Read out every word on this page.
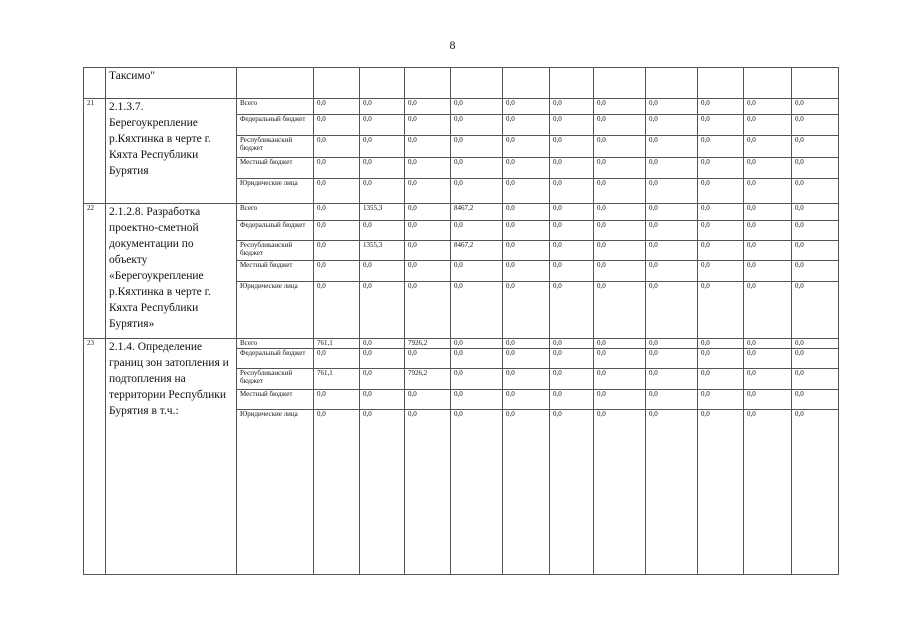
8
	Таксимо"												
21	2.1.3.7. Берегоукрепление р.Кяхтинка в черте г. Кяхта Республики Бурятия	Всего	0,0	0,0	0,0	0,0	0,0	0,0	0,0	0,0	0,0	0,0	0,0
		Федеральный бюджет	0,0	0,0	0,0	0,0	0,0	0,0	0,0	0,0	0,0	0,0	0,0
		Республиканский бюджет	0,0	0,0	0,0	0,0	0,0	0,0	0,0	0,0	0,0	0,0	0,0
		Местный бюджет	0,0	0,0	0,0	0,0	0,0	0,0	0,0	0,0	0,0	0,0	0,0
		Юридические лица	0,0	0,0	0,0	0,0	0,0	0,0	0,0	0,0	0,0	0,0	0,0
22	2.1.2.8. Разработка проектно-сметной документации по объекту «Берегоукрепление р.Кяхтинка в черте г. Кяхта Республики Бурятия»	Всего	0,0	1355,3	0,0	8467,2	0,0	0,0	0,0	0,0	0,0	0,0	0,0
		Федеральный бюджет	0,0	0,0	0,0	0,0	0,0	0,0	0,0	0,0	0,0	0,0	0,0
		Республиканский бюджет	0,0	1355,3	0,0	8467,2	0,0	0,0	0,0	0,0	0,0	0,0	0,0
		Местный бюджет	0,0	0,0	0,0	0,0	0,0	0,0	0,0	0,0	0,0	0,0	0,0
		Юридические лица	0,0	0,0	0,0	0,0	0,0	0,0	0,0	0,0	0,0	0,0	0,0
23	2.1.4. Определение границ зон затопления и подтопления на территории Республики Бурятия в т.ч.:	Всего	761,1	0,0	7926,2	0,0	0,0	0,0	0,0	0,0	0,0	0,0	0,0
		Федеральный бюджет	0,0	0,0	0,0	0,0	0,0	0,0	0,0	0,0	0,0	0,0	0,0
		Республиканский бюджет	761,1	0,0	7926,2	0,0	0,0	0,0	0,0	0,0	0,0	0,0	0,0
		Местный бюджет	0,0	0,0	0,0	0,0	0,0	0,0	0,0	0,0	0,0	0,0	0,0
		Юридические лица	0,0	0,0	0,0	0,0	0,0	0,0	0,0	0,0	0,0	0,0	0,0
